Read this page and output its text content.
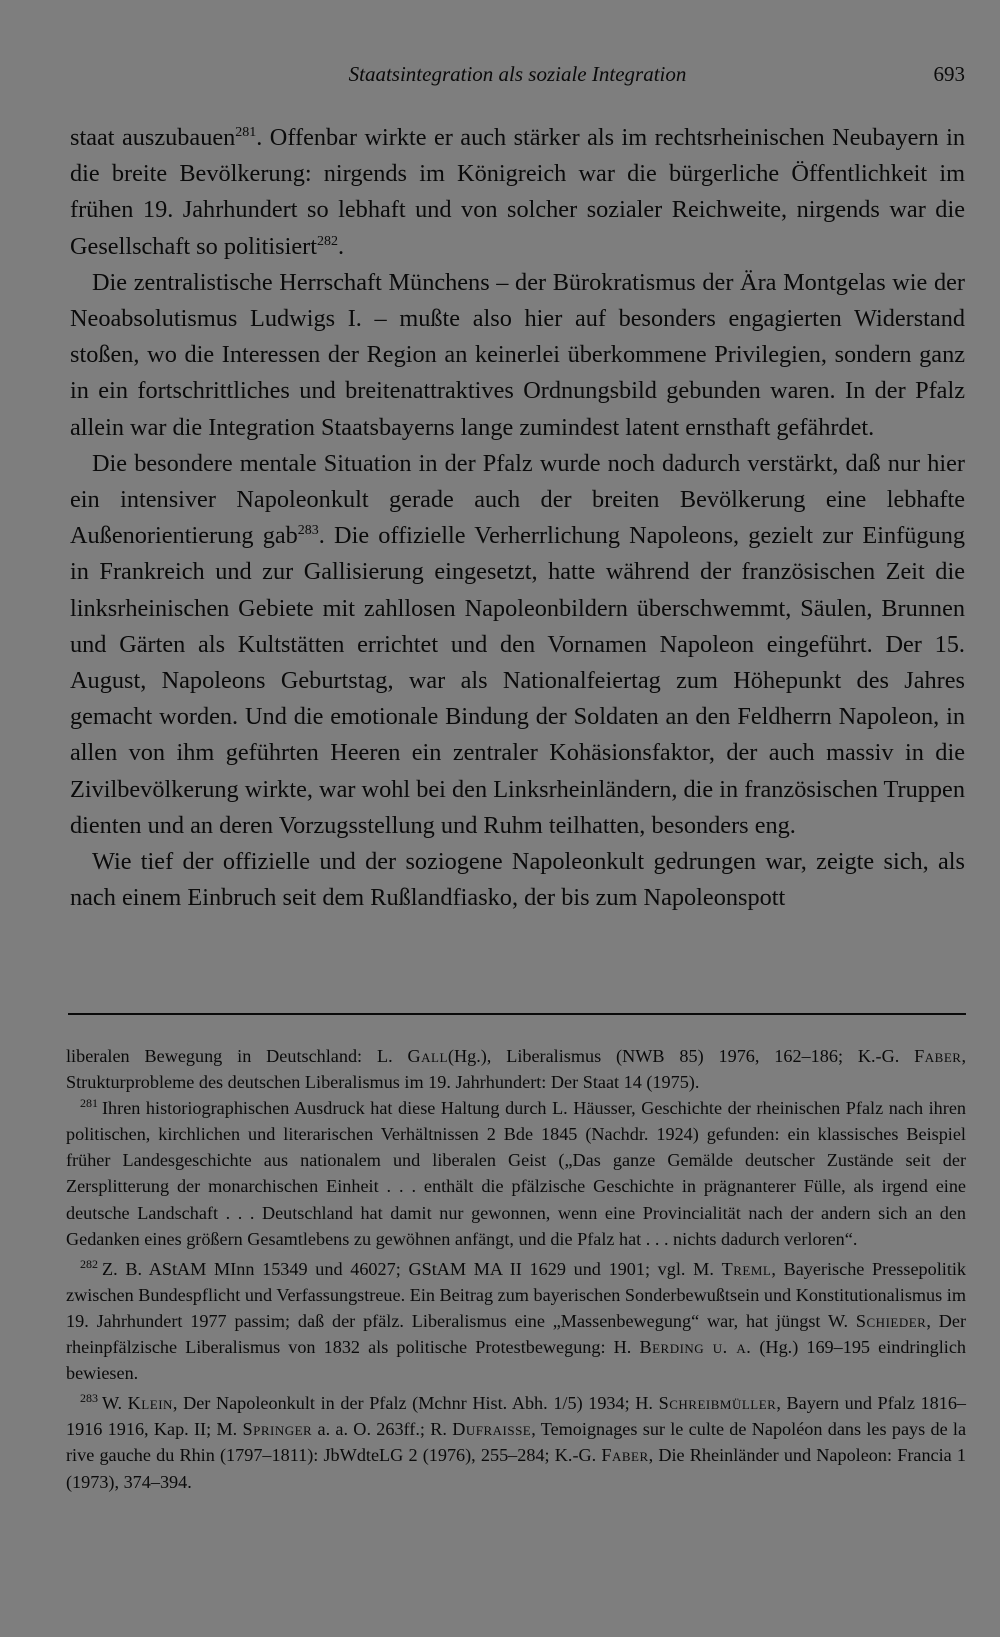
Staatsintegration als soziale Integration	693

staat auszubauen$^{281}$. Offenbar wirkte er auch stärker als im rechtsrheinischen Neubayern in die breite Bevölkerung: nirgends im Königreich war die bürgerliche Öffentlichkeit im frühen 19. Jahrhundert so lebhaft und von solcher sozialer Reichweite, nirgends war die Gesellschaft so politisiert$^{282}$.

Die zentralistische Herrschaft Münchens – der Bürokratismus der Ära Montgelas wie der Neoabsolutismus Ludwigs I. – mußte also hier auf besonders engagierten Widerstand stoßen, wo die Interessen der Region an keinerlei überkommene Privilegien, sondern ganz in ein fortschrittliches und breitenattraktives Ordnungsbild gebunden waren. In der Pfalz allein war die Integration Staatsbayerns lange zumindest latent ernsthaft gefährdet.

Die besondere mentale Situation in der Pfalz wurde noch dadurch verstärkt, daß nur hier ein intensiver Napoleonkult gerade auch der breiten Bevölkerung eine lebhafte Außenorientierung gab$^{283}$. Die offizielle Verherrlichung Napoleons, gezielt zur Einfügung in Frankreich und zur Gallisierung eingesetzt, hatte während der französischen Zeit die linksrheinischen Gebiete mit zahllosen Napoleonbildern überschwemmt, Säulen, Brunnen und Gärten als Kultstätten errichtet und den Vornamen Napoleon eingeführt. Der 15. August, Napoleons Geburtstag, war als Nationalfeiertag zum Höhepunkt des Jahres gemacht worden. Und die emotionale Bindung der Soldaten an den Feldherrn Napoleon, in allen von ihm geführten Heeren ein zentraler Kohäsionsfaktor, der auch massiv in die Zivilbevölkerung wirkte, war wohl bei den Linksrheinländern, die in französischen Truppen dienten und an deren Vorzugsstellung und Ruhm teilhatten, besonders eng.

Wie tief der offizielle und der soziogene Napoleonkult gedrungen war, zeigte sich, als nach einem Einbruch seit dem Rußlandfiasko, der bis zum Napoleonspott

liberalen Bewegung in Deutschland: L. Gall(Hg.), Liberalismus (NWB 85) 1976, 162–186; K.-G. Faber, Strukturprobleme des deutschen Liberalismus im 19. Jahrhundert: Der Staat 14 (1975).

$^{281}$ Ihren historiographischen Ausdruck hat diese Haltung durch L. Häusser, Geschichte der rheinischen Pfalz nach ihren politischen, kirchlichen und literarischen Verhältnissen 2 Bde 1845 (Nachdr. 1924) gefunden: ein klassisches Beispiel früher Landesgeschichte aus nationalem und liberalen Geist („Das ganze Gemälde deutscher Zustände seit der Zersplitterung der monarchischen Einheit . . . enthält die pfälzische Geschichte in prägnanterer Fülle, als irgend eine deutsche Landschaft . . . Deutschland hat damit nur gewonnen, wenn eine Provincialität nach der andern sich an den Gedanken eines größern Gesamtlebens zu gewöhnen anfängt, und die Pfalz hat . . . nichts dadurch verloren“.

$^{282}$ Z. B. AStAM MInn 15349 und 46027; GStAM MA II 1629 und 1901; vgl. M. Treml, Bayerische Pressepolitik zwischen Bundespflicht und Verfassungstreue. Ein Beitrag zum bayerischen Sonderbewußtsein und Konstitutionalismus im 19. Jahrhundert 1977 passim; daß der pfälz. Liberalismus eine „Massenbewegung“ war, hat jüngst W. Schieder, Der rheinpfälzische Liberalismus von 1832 als politische Protestbewegung: H. Berding u. a. (Hg.) 169–195 eindringlich bewiesen.

$^{283}$ W. Klein, Der Napoleonkult in der Pfalz (Mchnr Hist. Abh. 1/5) 1934; H. Schreibmüller, Bayern und Pfalz 1816–1916 1916, Kap. II; M. Springer a. a. O. 263ff.; R. Dufraisse, Temoignages sur le culte de Napoléon dans les pays de la rive gauche du Rhin (1797–1811): JbWdteLG 2 (1976), 255–284; K.-G. Faber, Die Rheinländer und Napoleon: Francia 1 (1973), 374–394.
